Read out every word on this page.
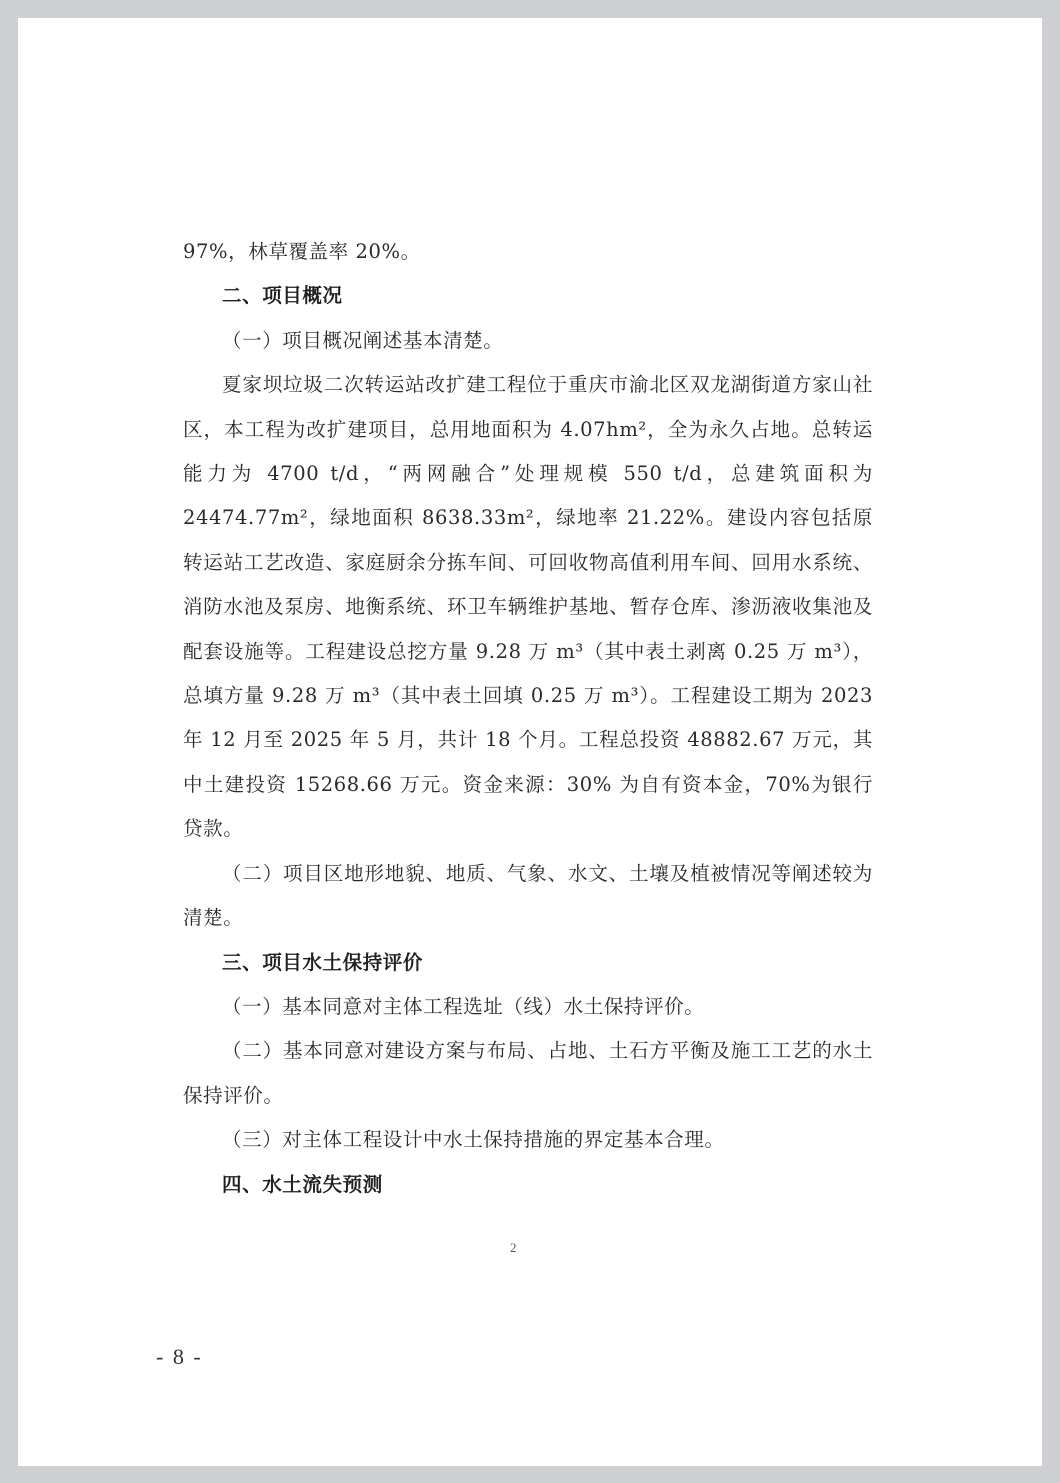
97%，林草覆盖率 20%。

二、项目概况

（一）项目概况阐述基本清楚。

夏家坝垃圾二次转运站改扩建工程位于重庆市渝北区双龙湖街道方家山社区，本工程为改扩建项目，总用地面积为 4.07hm²，全为永久占地。总转运能力为 4700 t/d，“两网融合”处理规模 550 t/d，总建筑面积为 24474.77m²，绿地面积 8638.33m²，绿地率 21.22%。建设内容包括原转运站工艺改造、家庭厨余分拣车间、可回收物高值利用车间、回用水系统、消防水池及泵房、地衡系统、环卫车辆维护基地、暂存仓库、渗沥液收集池及配套设施等。工程建设总挖方量 9.28 万 m³（其中表土剥离 0.25 万 m³），总填方量 9.28 万 m³（其中表土回填 0.25 万 m³）。工程建设工期为 2023 年 12 月至 2025 年 5 月，共计 18 个月。工程总投资 48882.67 万元，其中土建投资 15268.66 万元。资金来源：30% 为自有资本金，70%为银行贷款。

（二）项目区地形地貌、地质、气象、水文、土壤及植被情况等阐述较为清楚。

三、项目水土保持评价

（一）基本同意对主体工程选址（线）水土保持评价。

（二）基本同意对建设方案与布局、占地、土石方平衡及施工工艺的水土保持评价。

（三）对主体工程设计中水土保持措施的界定基本合理。

四、水土流失预测

2
- 8 -
